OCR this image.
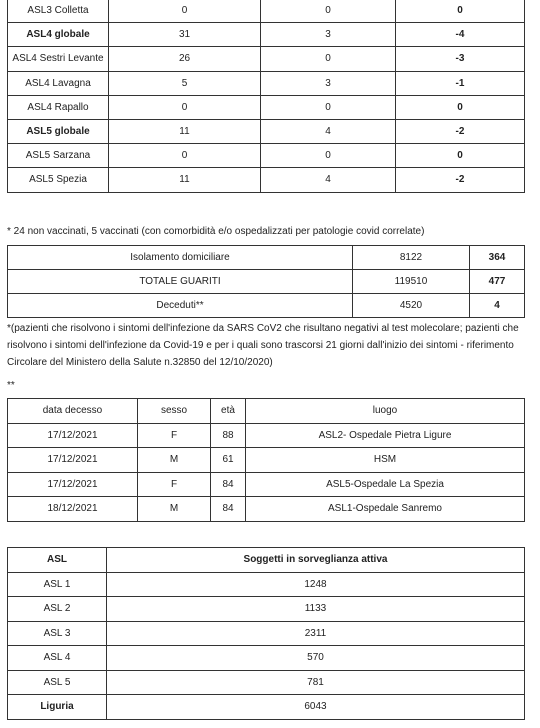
ASL3 Colletta	0	0	0
ASL4 globale	31	3	-4
ASL4 Sestri Levante	26	0	-3
ASL4 Lavagna	5	3	-1
ASL4 Rapallo	0	0	0
ASL5 globale	11	4	-2
ASL5 Sarzana	0	0	0
ASL5 Spezia	11	4	-2

* 24 non vaccinati, 5 vaccinati (con comorbidità e/o ospedalizzati per patologie covid correlate)

Isolamento domiciliare	8122	364
TOTALE GUARITI	119510	477
Deceduti**	4520	4

*(pazienti che risolvono i sintomi dell'infezione da SARS CoV2 che risultano negativi al test molecolare; pazienti che risolvono i sintomi dell'infezione da Covid-19 e per i quali sono trascorsi 21 giorni dall'inizio dei sintomi - riferimento Circolare del Ministero della Salute n.32850 del 12/10/2020)

**

data decesso	sesso	età	luogo
17/12/2021	F	88	ASL2- Ospedale Pietra Ligure
17/12/2021	M	61	HSM
17/12/2021	F	84	ASL5-Ospedale La Spezia
18/12/2021	M	84	ASL1-Ospedale Sanremo
ASL	Soggetti in sorveglianza attiva
ASL 1	1248
ASL 2	1133
ASL 3	2311
ASL 4	570
ASL 5	781
Liguria	6043
